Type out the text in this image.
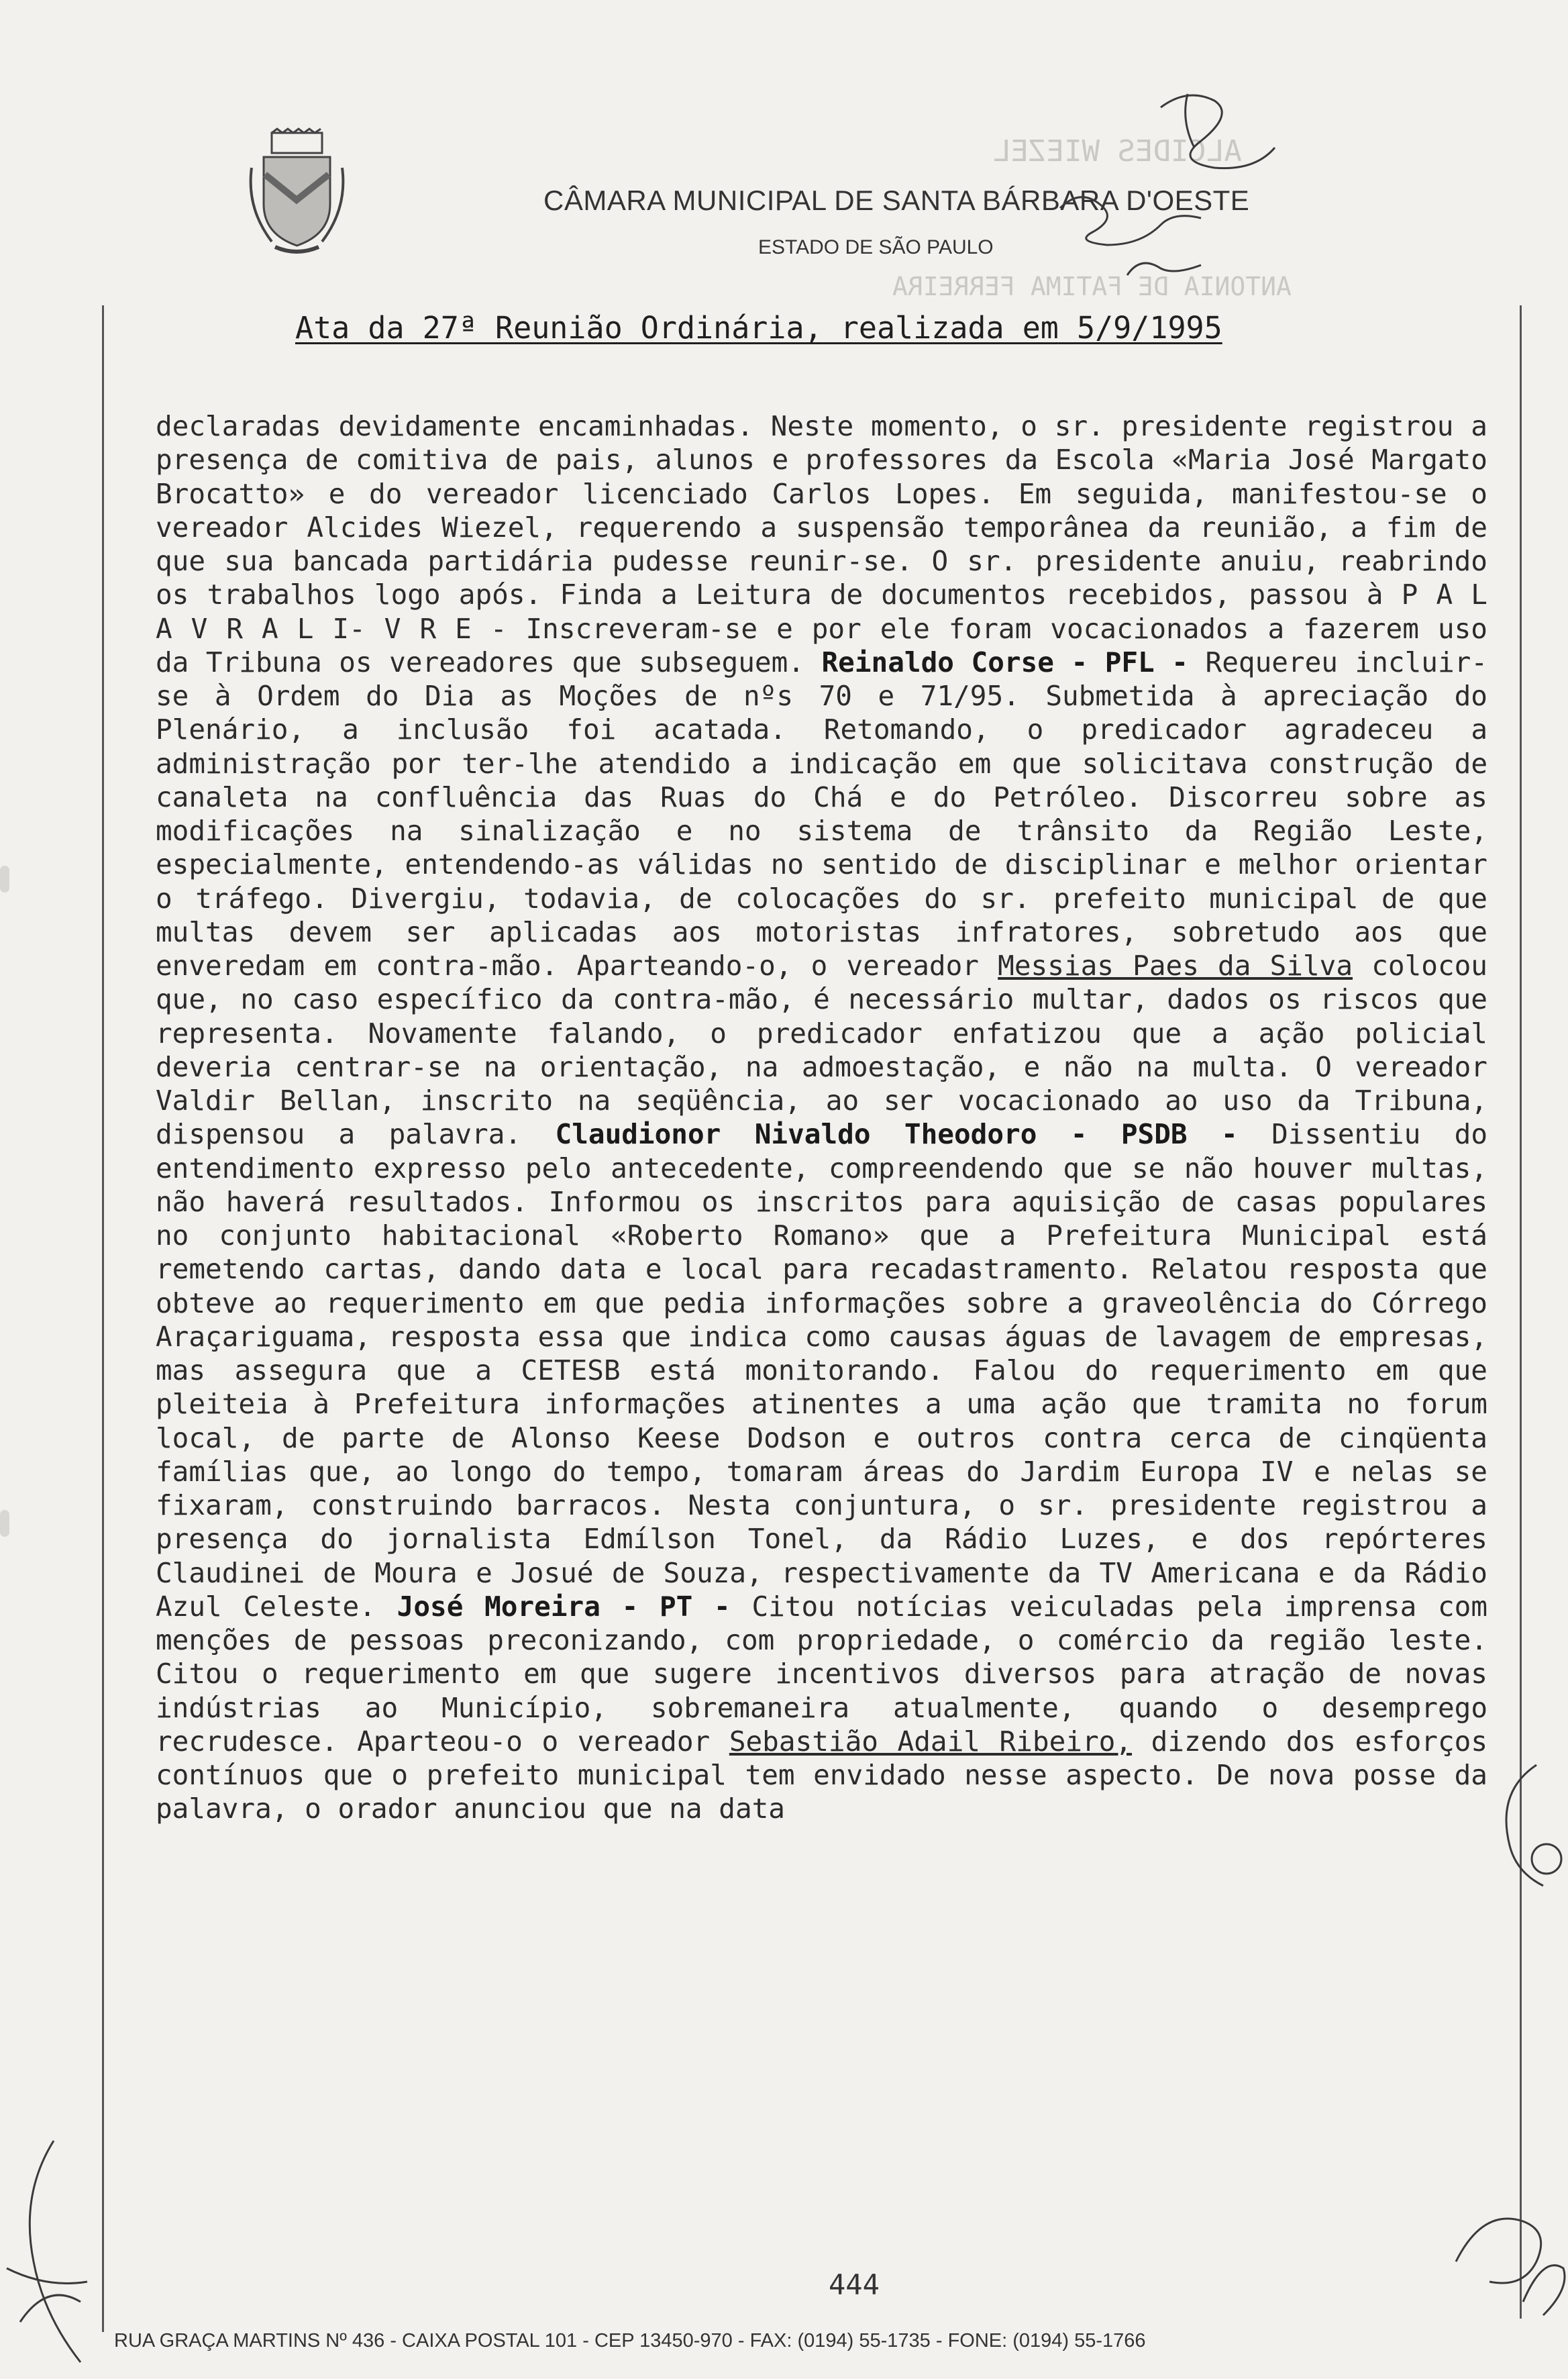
ALCIDES WIEZEL
ANTONIA DE FATIMA FERREIRA
CÂMARA MUNICIPAL DE SANTA BÁRBARA D'OESTE
ESTADO DE SÃO PAULO
Ata da 27ª Reunião Ordinária, realizada em 5/9/1995
declaradas devidamente encaminhadas. Neste momento, o sr. presidente registrou a presença de comitiva de pais, alunos e professores da Escola «Maria José Margato Brocatto» e do vereador licenciado Carlos Lopes. Em seguida, manifestou-se o vereador Alcides Wiezel, requerendo a suspensão temporânea da reunião, a fim de que sua bancada partidária pudesse reunir-se. O sr. presidente anuiu, reabrindo os trabalhos logo após. Finda a Leitura de documentos recebidos, passou à P A L A V R A L I- V R E - Inscreveram-se e por ele foram vocacionados a fazerem uso da Tribuna os vereadores que subseguem. Reinaldo Corse - PFL - Requereu incluir-se à Ordem do Dia as Moções de nºs 70 e 71/95. Submetida à apreciação do Plenário, a inclusão foi acatada. Retomando, o predicador agradeceu a administração por ter-lhe atendido a indicação em que solicitava construção de canaleta na confluência das Ruas do Chá e do Petróleo. Discorreu sobre as modificações na sinalização e no sistema de trânsito da Região Leste, especialmente, entendendo-as válidas no sentido de disciplinar e melhor orientar o tráfego. Divergiu, todavia, de colocações do sr. prefeito municipal de que multas devem ser aplicadas aos motoristas infratores, sobretudo aos que enveredam em contra-mão. Aparteando-o, o vereador Messias Paes da Silva colocou que, no caso específico da contra-mão, é necessário multar, dados os riscos que representa. Novamente falando, o predicador enfatizou que a ação policial deveria centrar-se na orientação, na admoestação, e não na multa. O vereador Valdir Bellan, inscrito na seqüência, ao ser vocacionado ao uso da Tribuna, dispensou a palavra. Claudionor Nivaldo Theodoro - PSDB - Dissentiu do entendimento expresso pelo antecedente, compreendendo que se não houver multas, não haverá resultados. Informou os inscritos para aquisição de casas populares no conjunto habitacional «Roberto Romano» que a Prefeitura Municipal está remetendo cartas, dando data e local para recadastramento. Relatou resposta que obteve ao requerimento em que pedia informações sobre a graveolência do Córrego Araçariguama, resposta essa que indica como causas águas de lavagem de empresas, mas assegura que a CETESB está monitorando. Falou do requerimento em que pleiteia à Prefeitura informações atinentes a uma ação que tramita no forum local, de parte de Alonso Keese Dodson e outros contra cerca de cinqüenta famílias que, ao longo do tempo, tomaram áreas do Jardim Europa IV e nelas se fixaram, construindo barracos. Nesta conjuntura, o sr. presidente registrou a presença do jornalista Edmílson Tonel, da Rádio Luzes, e dos repórteres Claudinei de Moura e Josué de Souza, respectivamente da TV Americana e da Rádio Azul Celeste. José Moreira - PT - Citou notícias veiculadas pela imprensa com menções de pessoas preconizando, com propriedade, o comércio da região leste. Citou o requerimento em que sugere incentivos diversos para atração de novas indústrias ao Município, sobremaneira atualmente, quando o desemprego recrudesce. Aparteou-o o vereador Sebastião Adail Ribeiro, dizendo dos esforços contínuos que o prefeito municipal tem envidado nesse aspecto. De nova posse da palavra, o orador anunciou que na data
444
RUA GRAÇA MARTINS Nº 436 - CAIXA POSTAL 101 - CEP 13450-970 - FAX: (0194) 55-1735 - FONE: (0194) 55-1766
